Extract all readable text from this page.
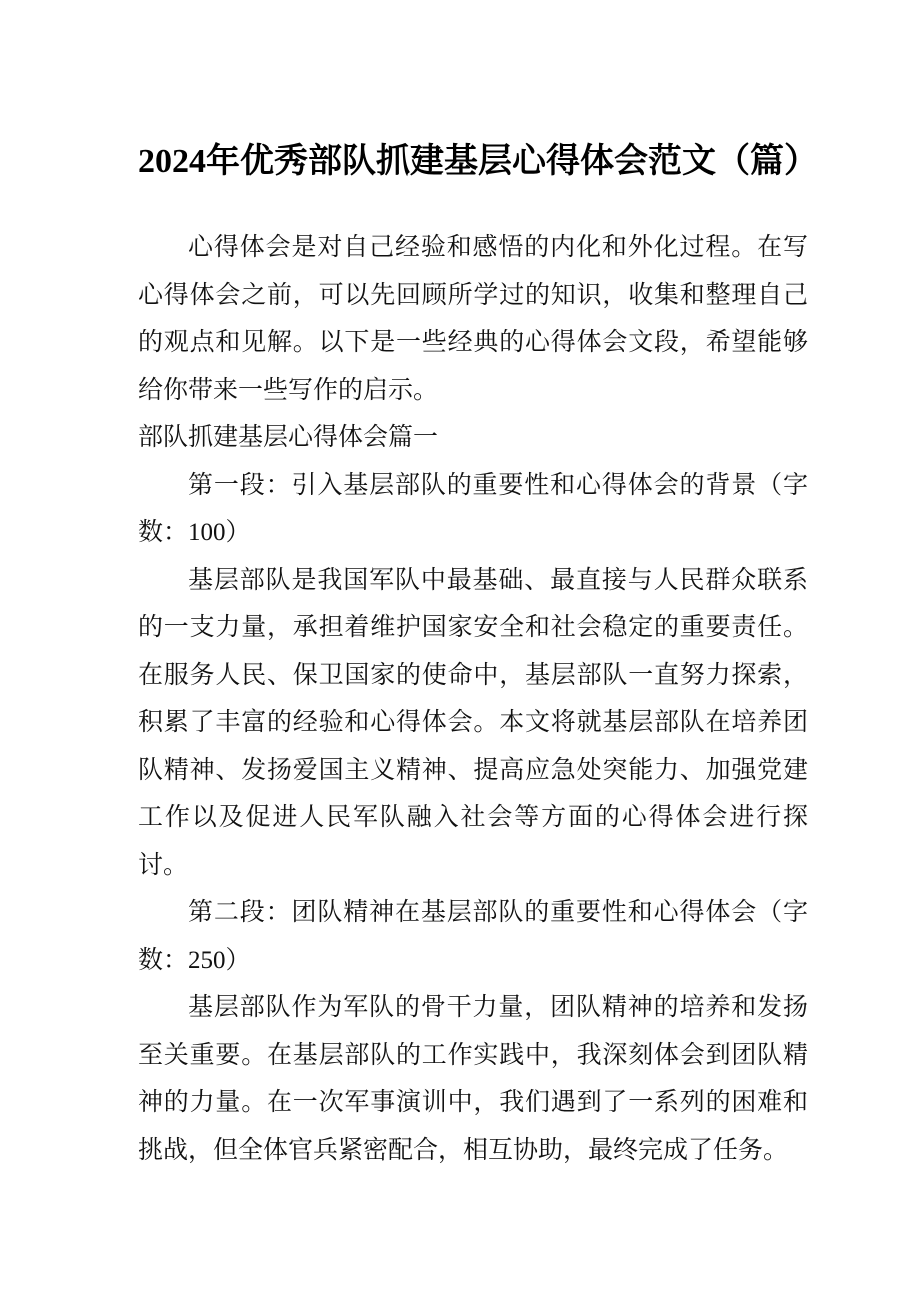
2024年优秀部队抓建基层心得体会范文（篇）

心得体会是对自己经验和感悟的内化和外化过程。在写心得体会之前，可以先回顾所学过的知识，收集和整理自己的观点和见解。以下是一些经典的心得体会文段，希望能够给你带来一些写作的启示。

部队抓建基层心得体会篇一

第一段：引入基层部队的重要性和心得体会的背景（字数：100）

基层部队是我国军队中最基础、最直接与人民群众联系的一支力量，承担着维护国家安全和社会稳定的重要责任。在服务人民、保卫国家的使命中，基层部队一直努力探索，积累了丰富的经验和心得体会。本文将就基层部队在培养团队精神、发扬爱国主义精神、提高应急处突能力、加强党建工作以及促进人民军队融入社会等方面的心得体会进行探讨。

第二段：团队精神在基层部队的重要性和心得体会（字数：250）

基层部队作为军队的骨干力量，团队精神的培养和发扬至关重要。在基层部队的工作实践中，我深刻体会到团队精神的力量。在一次军事演训中，我们遇到了一系列的困难和挑战，但全体官兵紧密配合，相互协助，最终完成了任务。
